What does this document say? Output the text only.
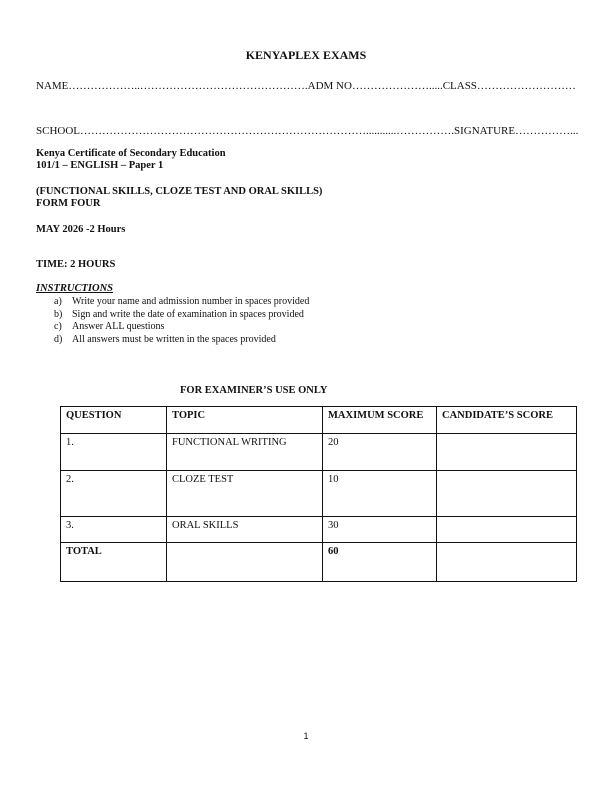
KENYAPLEX EXAMS
NAME………………..……………………………………….ADM NO………………….....CLASS………………………
SCHOOL……………………………………………………………………...........…………….SIGNATURE……………...
Kenya Certificate of Secondary Education
101/1 – ENGLISH – Paper 1
(FUNCTIONAL SKILLS, CLOZE TEST AND ORAL SKILLS)
FORM FOUR
MAY 2026 -2 Hours
TIME: 2 HOURS
INSTRUCTIONS
a) Write your name and admission number in spaces provided
b) Sign and write the date of examination in spaces provided
c) Answer ALL questions
d) All answers must be written in the spaces provided
FOR EXAMINER’S USE ONLY
QUESTION	TOPIC	MAXIMUM SCORE	CANDIDATE’S SCORE
1.	FUNCTIONAL WRITING	20	
2.	CLOZE TEST	10	
3.	ORAL SKILLS	30	
TOTAL		60	
1
